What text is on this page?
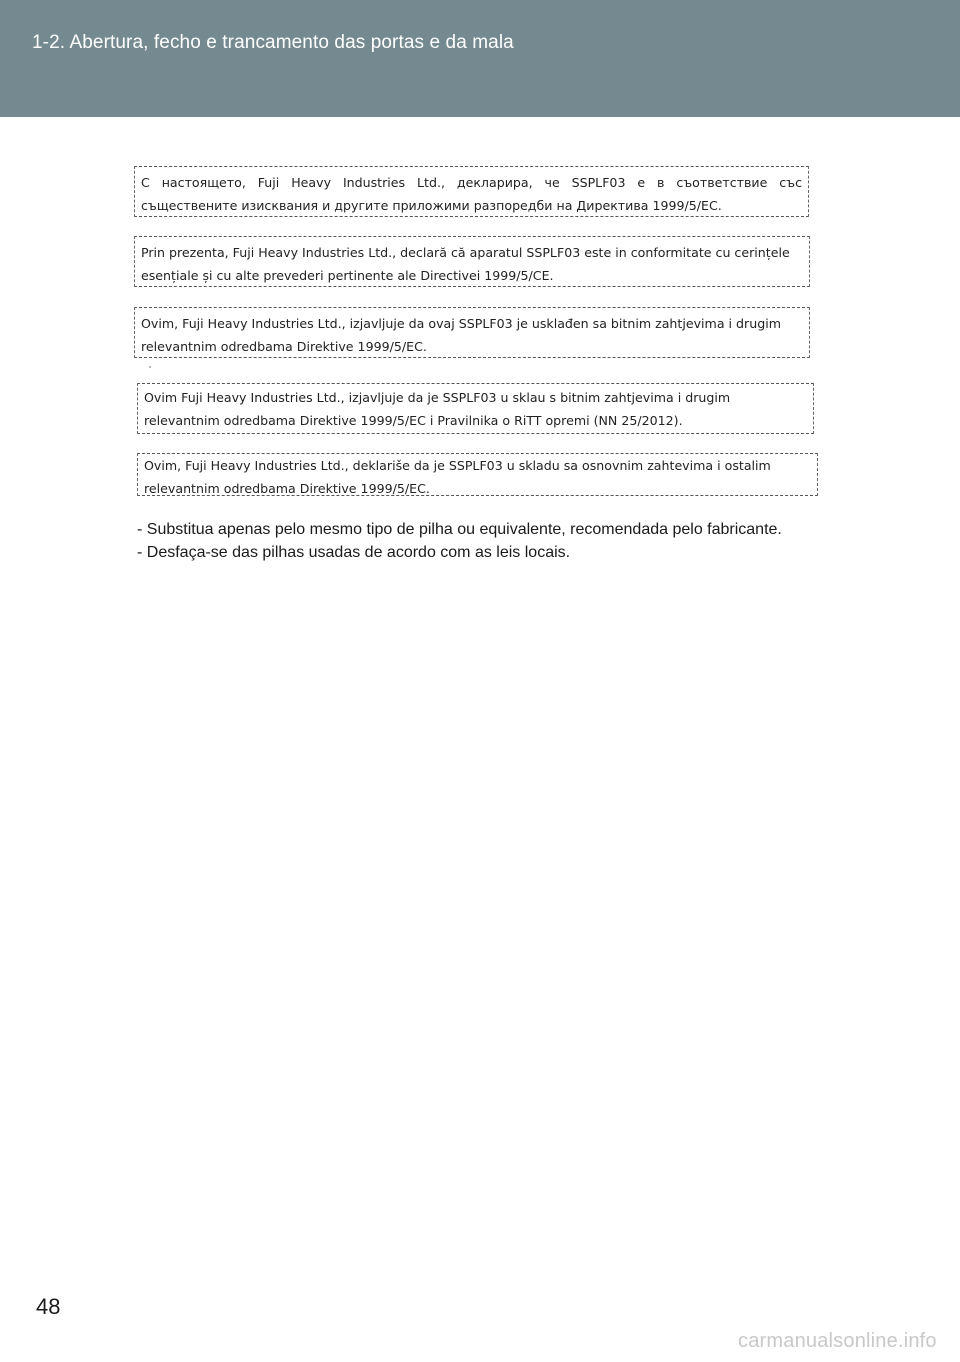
1-2. Abertura, fecho e trancamento das portas e da mala
С настоящето, Fuji Heavy Industries Ltd., декларира, че SSPLF03 е в съответствие със
съществените изисквания и другите приложими разпоредби на Директива 1999/5/ЕС.
Prin prezenta, Fuji Heavy Industries Ltd., declară că aparatul SSPLF03 este in conformitate cu cerințele
esențiale și cu alte prevederi pertinente ale Directivei 1999/5/CE.
Ovim, Fuji Heavy Industries Ltd., izjavljuje da ovaj SSPLF03 je usklađen sa bitnim zahtjevima i drugim
relevantnim odredbama Direktive 1999/5/EC.
Ovim Fuji Heavy Industries Ltd., izjavljuje da je SSPLF03 u sklau s bitnim zahtjevima i drugim
relevantnim odredbama Direktive 1999/5/EC i Pravilnika o RiTT opremi (NN 25/2012).
Ovim, Fuji Heavy Industries Ltd., deklariše da je SSPLF03 u skladu sa osnovnim zahtevima i ostalim
relevantnim odredbama Direktive 1999/5/EC.
- Substitua apenas pelo mesmo tipo de pilha ou equivalente, recomendada pelo fabricante.
- Desfaça-se das pilhas usadas de acordo com as leis locais.
48
carmanualsonline.info
